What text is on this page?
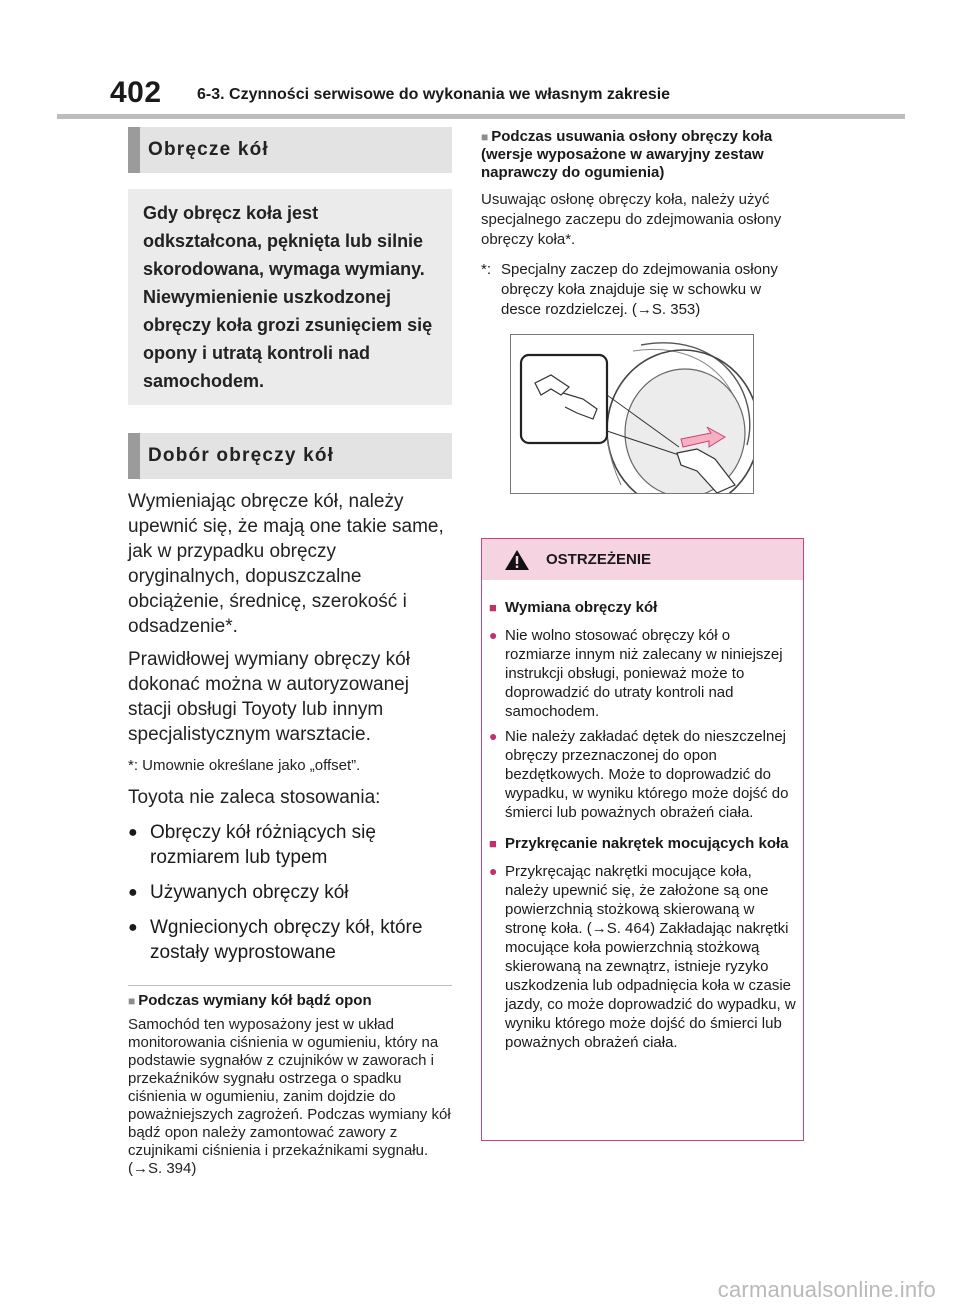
402 6-3. Czynności serwisowe do wykonania we własnym zakresie
Obręcze kół
Gdy obręcz koła jest odkształcona, pęknięta lub silnie skorodowana, wymaga wymiany. Niewymienienie uszkodzonej obręczy koła grozi zsunięciem się opony i utratą kontroli nad samochodem.
Dobór obręczy kół

Wymieniając obręcze kół, należy upewnić się, że mają one takie same, jak w przypadku obręczy oryginalnych, dopuszczalne obciążenie, średnicę, szerokość i odsadzenie*.

Prawidłowej wymiany obręczy kół dokonać można w autoryzowanej stacji obsługi Toyoty lub innym specjalistycznym warsztacie.

*: Umownie określane jako „offset”.

Toyota nie zaleca stosowania:

● Obręczy kół różniących się rozmiarem lub typem
● Używanych obręczy kół
● Wgniecionych obręczy kół, które zostały wyprostowane
■ Podczas wymiany kół bądź opon

Samochód ten wyposażony jest w układ monitorowania ciśnienia w ogumieniu, który na podstawie sygnałów z czujników w zaworach i przekaźników sygnału ostrzega o spadku ciśnienia w ogumieniu, zanim dojdzie do poważniejszych zagrożeń. Podczas wymiany kół bądź opon należy zamontować zawory z czujnikami ciśnienia i przekaźnikami sygnału. (→S. 394)

■ Podczas usuwania osłony obręczy koła (wersje wyposażone w awaryjny zestaw naprawczy do ogumienia)

Usuwając osłonę obręczy koła, należy użyć specjalnego zaczepu do zdejmowania osłony obręczy koła*.

*: Specjalny zaczep do zdejmowania osłony obręczy koła znajduje się w schowku w desce rozdzielczej. (→S. 353)
OSTRZEŻENIE
■ Wymiana obręczy kół
● Nie wolno stosować obręczy kół o rozmiarze innym niż zalecany w niniejszej instrukcji obsługi, ponieważ może to doprowadzić do utraty kontroli nad samochodem.
● Nie należy zakładać dętek do nieszczelnej obręczy przeznaczonej do opon bezdętkowych. Może to doprowadzić do wypadku, w wyniku którego może dojść do śmierci lub poważnych obrażeń ciała.
■ Przykręcanie nakrętek mocujących koła
● Przykręcając nakrętki mocujące koła, należy upewnić się, że założone są one powierzchnią stożkową skierowaną w stronę koła. (→S. 464) Zakładając nakrętki mocujące koła powierzchnią stożkową skierowaną na zewnątrz, istnieje ryzyko uszkodzenia lub odpadnięcia koła w czasie jazdy, co może doprowadzić do wypadku, w wyniku którego może dojść do śmierci lub poważnych obrażeń ciała.
carmanualsonline.info
